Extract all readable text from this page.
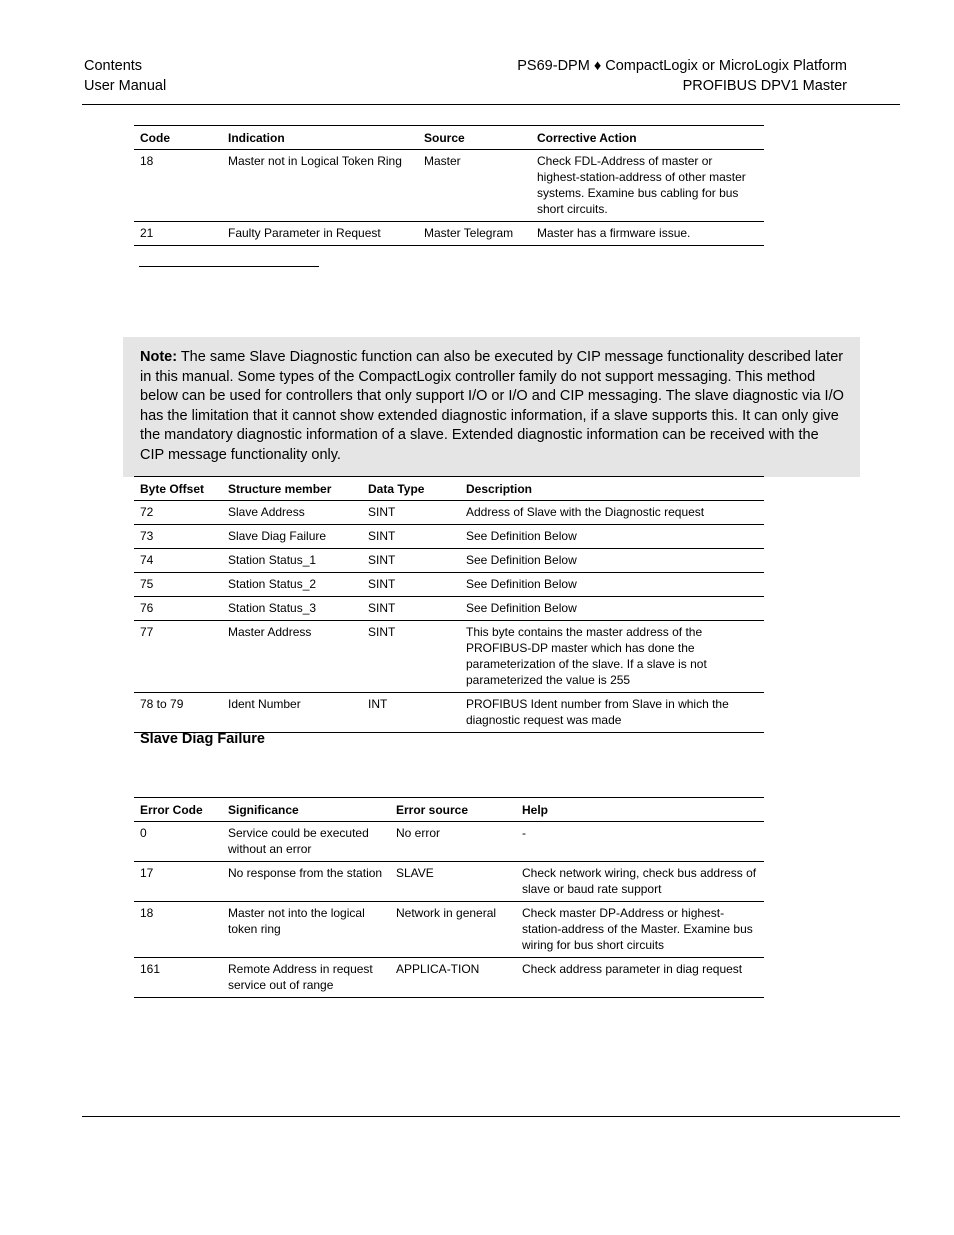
Contents
User Manual
PS69-DPM ♦ CompactLogix or MicroLogix Platform
PROFIBUS DPV1 Master
Code	Indication	Source	Corrective Action
18	Master not in Logical Token Ring	Master	Check FDL-Address of master or highest-station-address of other master systems. Examine bus cabling for bus short circuits.
21	Faulty Parameter in Request	Master Telegram	Master has a firmware issue.
Note: The same Slave Diagnostic function can also be executed by CIP message functionality described later in this manual. Some types of the CompactLogix controller family do not support messaging. This method below can be used for controllers that only support I/O or I/O and CIP messaging. The slave diagnostic via I/O has the limitation that it cannot show extended diagnostic information, if a slave supports this. It can only give the mandatory diagnostic information of a slave. Extended diagnostic information can be received with the CIP message functionality only.
Byte Offset	Structure member	Data Type	Description
72	Slave Address	SINT	Address of Slave with the Diagnostic request
73	Slave Diag Failure	SINT	See Definition Below
74	Station Status_1	SINT	See Definition Below
75	Station Status_2	SINT	See Definition Below
76	Station Status_3	SINT	See Definition Below
77	Master Address	SINT	This byte contains the master address of the PROFIBUS-DP master which has done the parameterization of the slave. If a slave is not parameterized the value is 255
78 to 79	Ident Number	INT	PROFIBUS Ident number from Slave in which the diagnostic request was made
Slave Diag Failure
Error Code	Significance	Error source	Help
0	Service could be executed without an error	No error	-
17	No response from the station	SLAVE	Check network wiring, check bus address of slave or baud rate support
18	Master not into the logical token ring	Network in general	Check master DP-Address or highest-station-address of the Master. Examine bus wiring for bus short circuits
161	Remote Address in request service out of range	APPLICA-TION	Check address parameter in diag request
